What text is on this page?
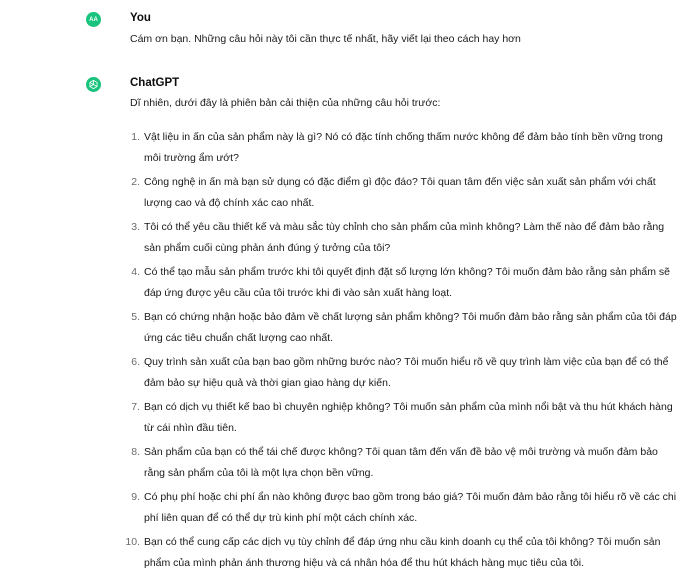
AA	You
Cám ơn bạn. Những câu hỏi này tôi cần thực tế nhất, hãy viết lại theo cách hay hơn
ChatGPT
Dĩ nhiên, dưới đây là phiên bản cải thiện của những câu hỏi trước:
1. Vật liệu in ấn của sản phẩm này là gì? Nó có đặc tính chống thấm nước không để đảm bảo tính bền vững trong môi trường ẩm ướt?
2. Công nghệ in ấn mà bạn sử dụng có đặc điểm gì độc đáo? Tôi quan tâm đến việc sản xuất sản phẩm với chất lượng cao và độ chính xác cao nhất.
3. Tôi có thể yêu cầu thiết kế và màu sắc tùy chỉnh cho sản phẩm của mình không? Làm thế nào để đảm bảo rằng sản phẩm cuối cùng phản ánh đúng ý tưởng của tôi?
4. Có thể tạo mẫu sản phẩm trước khi tôi quyết định đặt số lượng lớn không? Tôi muốn đảm bảo rằng sản phẩm sẽ đáp ứng được yêu cầu của tôi trước khi đi vào sản xuất hàng loạt.
5. Bạn có chứng nhận hoặc bảo đảm về chất lượng sản phẩm không? Tôi muốn đảm bảo rằng sản phẩm của tôi đáp ứng các tiêu chuẩn chất lượng cao nhất.
6. Quy trình sản xuất của bạn bao gồm những bước nào? Tôi muốn hiểu rõ về quy trình làm việc của bạn để có thể đảm bảo sự hiệu quả và thời gian giao hàng dự kiến.
7. Bạn có dịch vụ thiết kế bao bì chuyên nghiệp không? Tôi muốn sản phẩm của mình nổi bật và thu hút khách hàng từ cái nhìn đầu tiên.
8. Sản phẩm của bạn có thể tái chế được không? Tôi quan tâm đến vấn đề bảo vệ môi trường và muốn đảm bảo rằng sản phẩm của tôi là một lựa chọn bền vững.
9. Có phụ phí hoặc chi phí ẩn nào không được bao gồm trong báo giá? Tôi muốn đảm bảo rằng tôi hiểu rõ về các chi phí liên quan để có thể dự trù kinh phí một cách chính xác.
10. Bạn có thể cung cấp các dịch vụ tùy chỉnh để đáp ứng nhu cầu kinh doanh cụ thể của tôi không? Tôi muốn sản phẩm của mình phản ánh thương hiệu và cá nhân hóa để thu hút khách hàng mục tiêu của tôi.
